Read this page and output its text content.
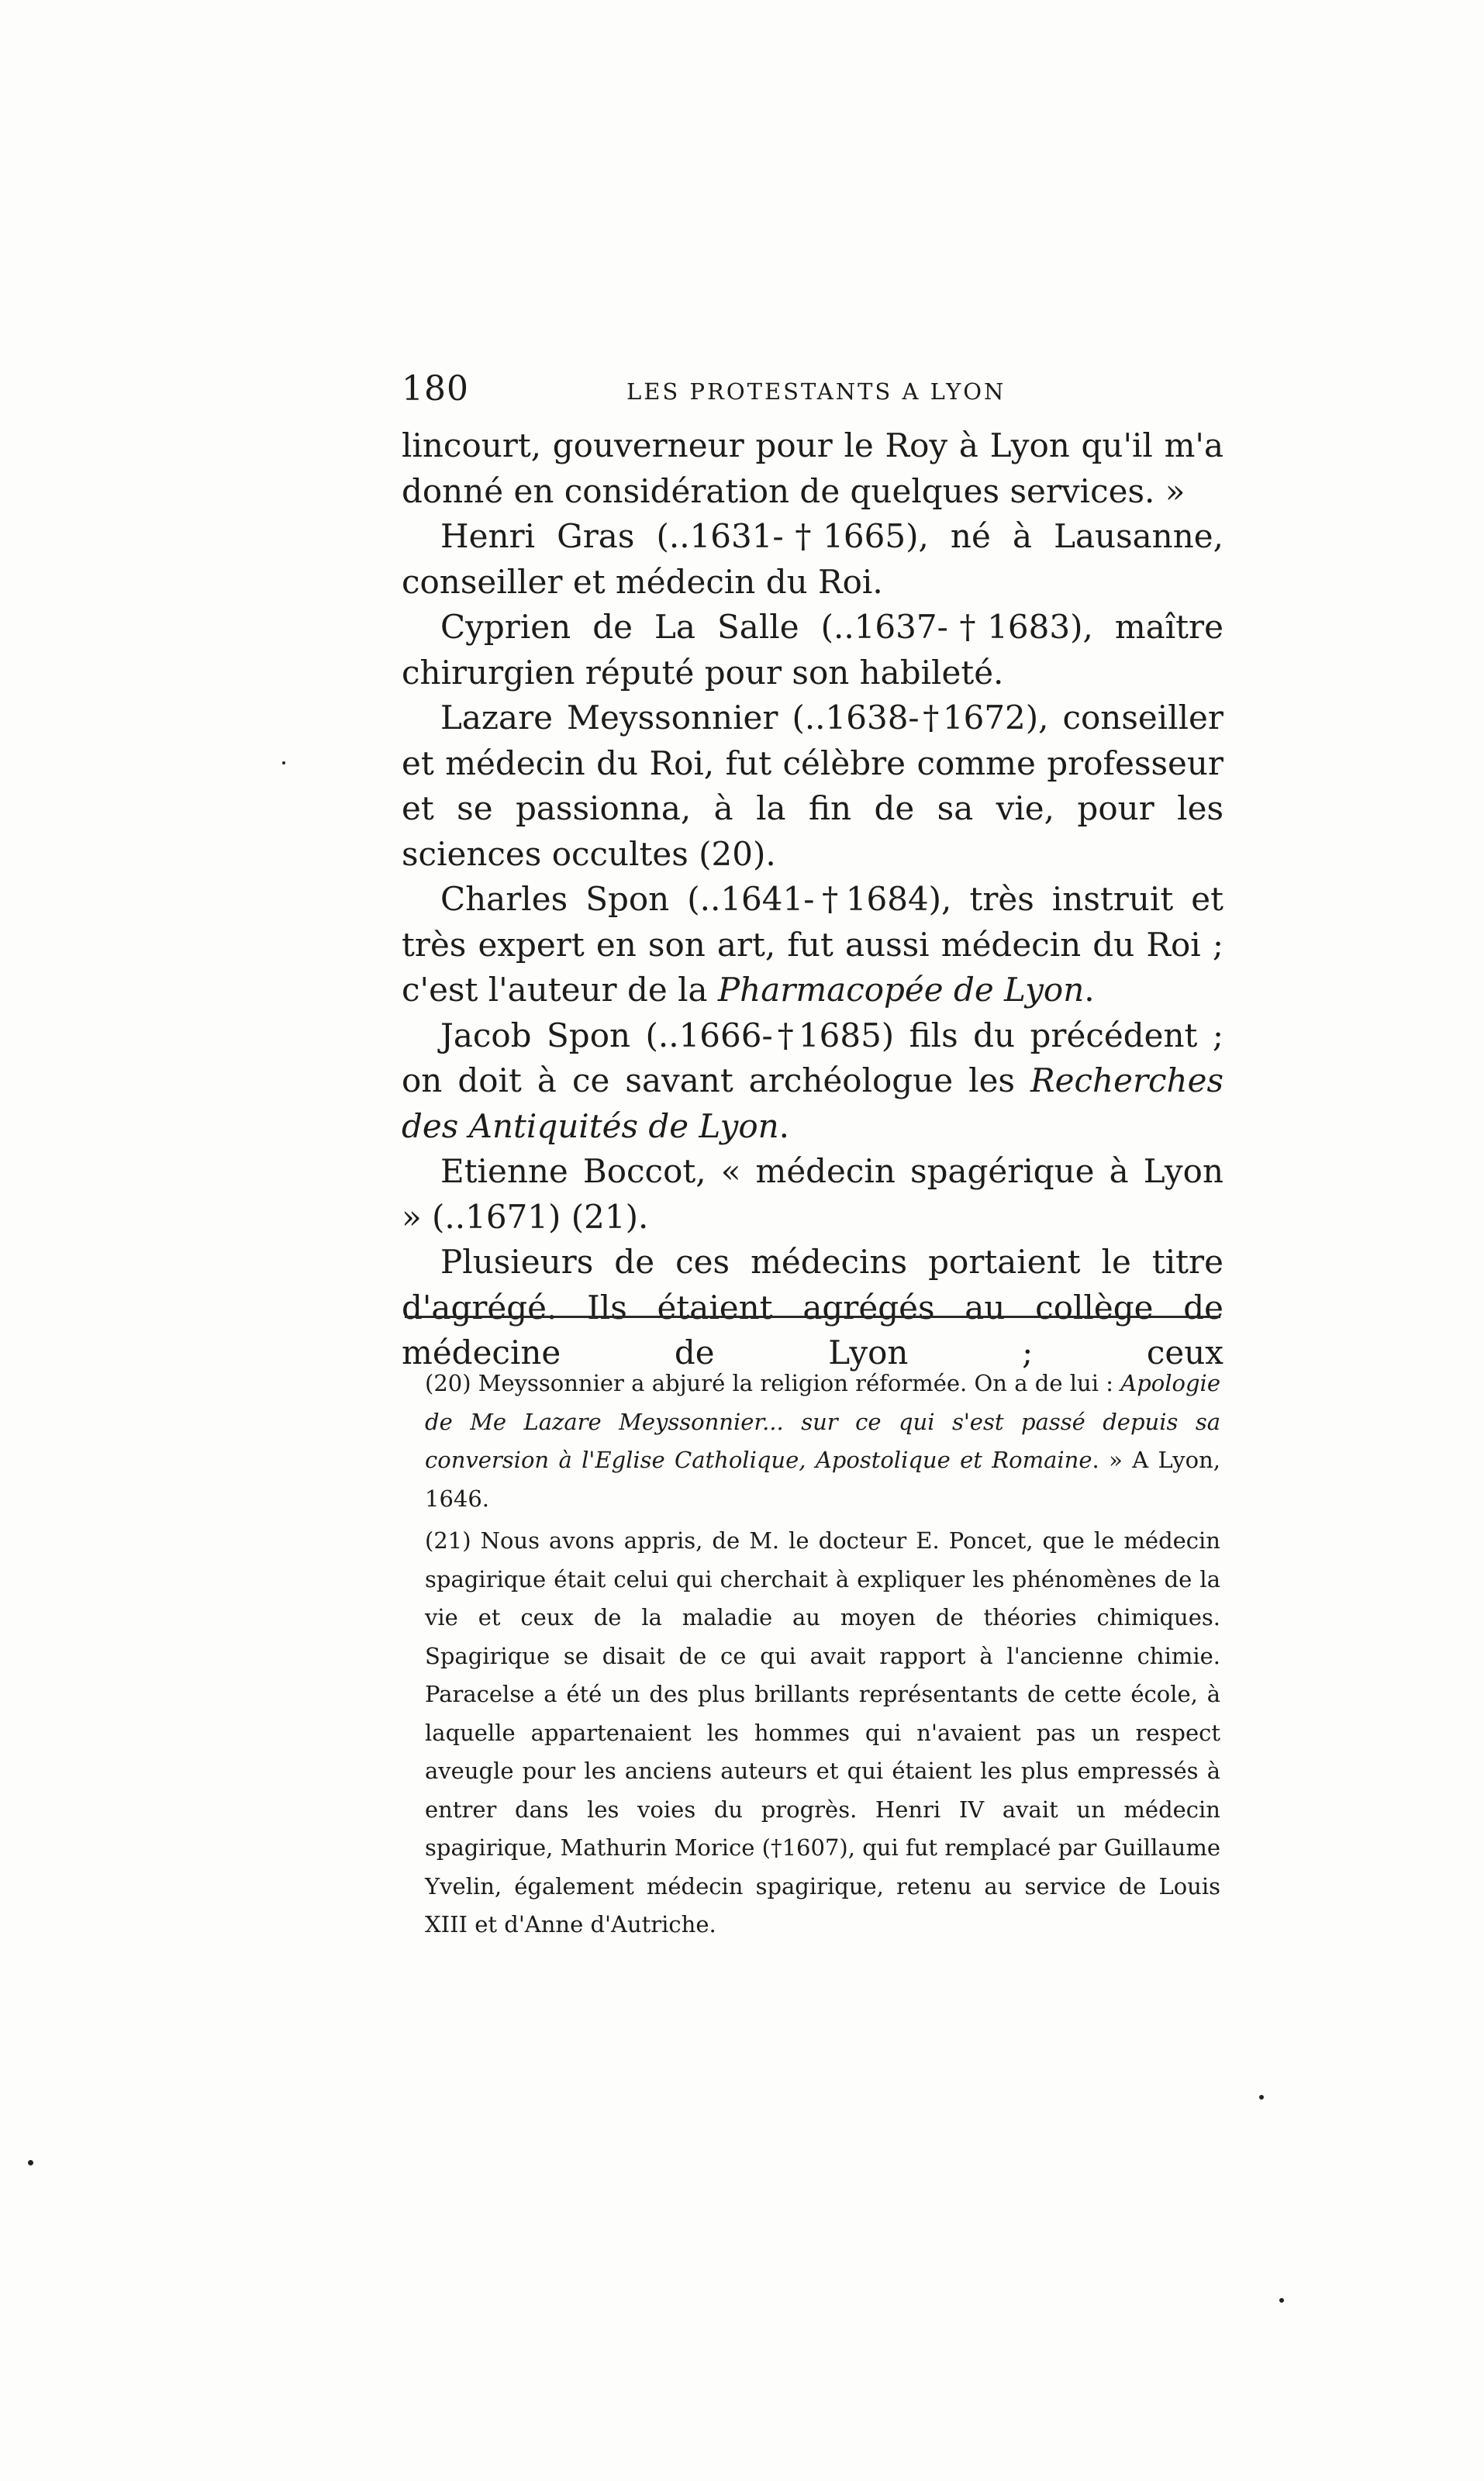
180	LES PROTESTANTS A LYON

lincourt, gouverneur pour le Roy à Lyon qu'il m'a donné en considération de quelques services. »

Henri Gras (..1631-†1665), né à Lausanne, conseiller et médecin du Roi.

Cyprien de La Salle (..1637-†1683), maître chirurgien réputé pour son habileté.

Lazare Meyssonnier (..1638-†1672), conseiller et médecin du Roi, fut célèbre comme professeur et se passionna, à la fin de sa vie, pour les sciences occultes (20).

Charles Spon (..1641-†1684), très instruit et très expert en son art, fut aussi médecin du Roi ; c'est l'auteur de la Pharmacopée de Lyon.

Jacob Spon (..1666-†1685) fils du précédent ; on doit à ce savant archéologue les Recherches des Antiquités de Lyon.

Etienne Boccot, « médecin spagérique à Lyon » (..1671) (21).

Plusieurs de ces médecins portaient le titre d'agrégé. Ils étaient agrégés au collège de médecine de Lyon ; ceux

(20) Meyssonnier a abjuré la religion réformée. On a de lui : Apologie de Me Lazare Meyssonnier... sur ce qui s'est passé depuis sa conversion à l'Eglise Catholique, Apostolique et Romaine. » A Lyon, 1646.

(21) Nous avons appris, de M. le docteur E. Poncet, que le médecin spagirique était celui qui cherchait à expliquer les phénomènes de la vie et ceux de la maladie au moyen de théories chimiques. Spagirique se disait de ce qui avait rapport à l'ancienne chimie. Paracelse a été un des plus brillants représentants de cette école, à laquelle appartenaient les hommes qui n'avaient pas un respect aveugle pour les anciens auteurs et qui étaient les plus empressés à entrer dans les voies du progrès. Henri IV avait un médecin spagirique, Mathurin Morice (†1607), qui fut remplacé par Guillaume Yvelin, également médecin spagirique, retenu au service de Louis XIII et d'Anne d'Autriche.
